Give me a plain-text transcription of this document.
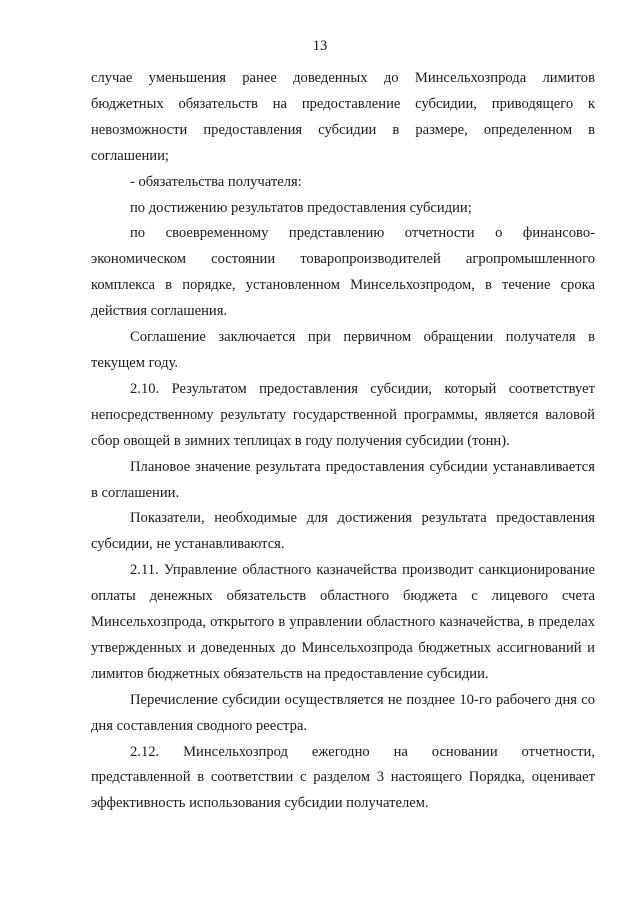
13

случае уменьшения ранее доведенных до Минсельхозпрода лимитов бюджетных обязательств на предоставление субсидии, приводящего к невозможности предоставления субсидии в размере, определенном в соглашении;

- обязательства получателя:

по достижению результатов предоставления субсидии;

по своевременному представлению отчетности о финансово-экономическом состоянии товаропроизводителей агропромышленного комплекса в порядке, установленном Минсельхозпродом, в течение срока действия соглашения.

Соглашение заключается при первичном обращении получателя в текущем году.

2.10. Результатом предоставления субсидии, который соответствует непосредственному результату государственной программы, является валовой сбор овощей в зимних теплицах в году получения субсидии (тонн).

Плановое значение результата предоставления субсидии устанавливается в соглашении.

Показатели, необходимые для достижения результата предоставления субсидии, не устанавливаются.

2.11. Управление областного казначейства производит санкционирование оплаты денежных обязательств областного бюджета с лицевого счета Минсельхозпрода, открытого в управлении областного казначейства, в пределах утвержденных и доведенных до Минсельхозпрода бюджетных ассигнований и лимитов бюджетных обязательств на предоставление субсидии.

Перечисление субсидии осуществляется не позднее 10-го рабочего дня со дня составления сводного реестра.

2.12. Минсельхозпрод ежегодно на основании отчетности, представленной в соответствии с разделом 3 настоящего Порядка, оценивает эффективность использования субсидии получателем.
